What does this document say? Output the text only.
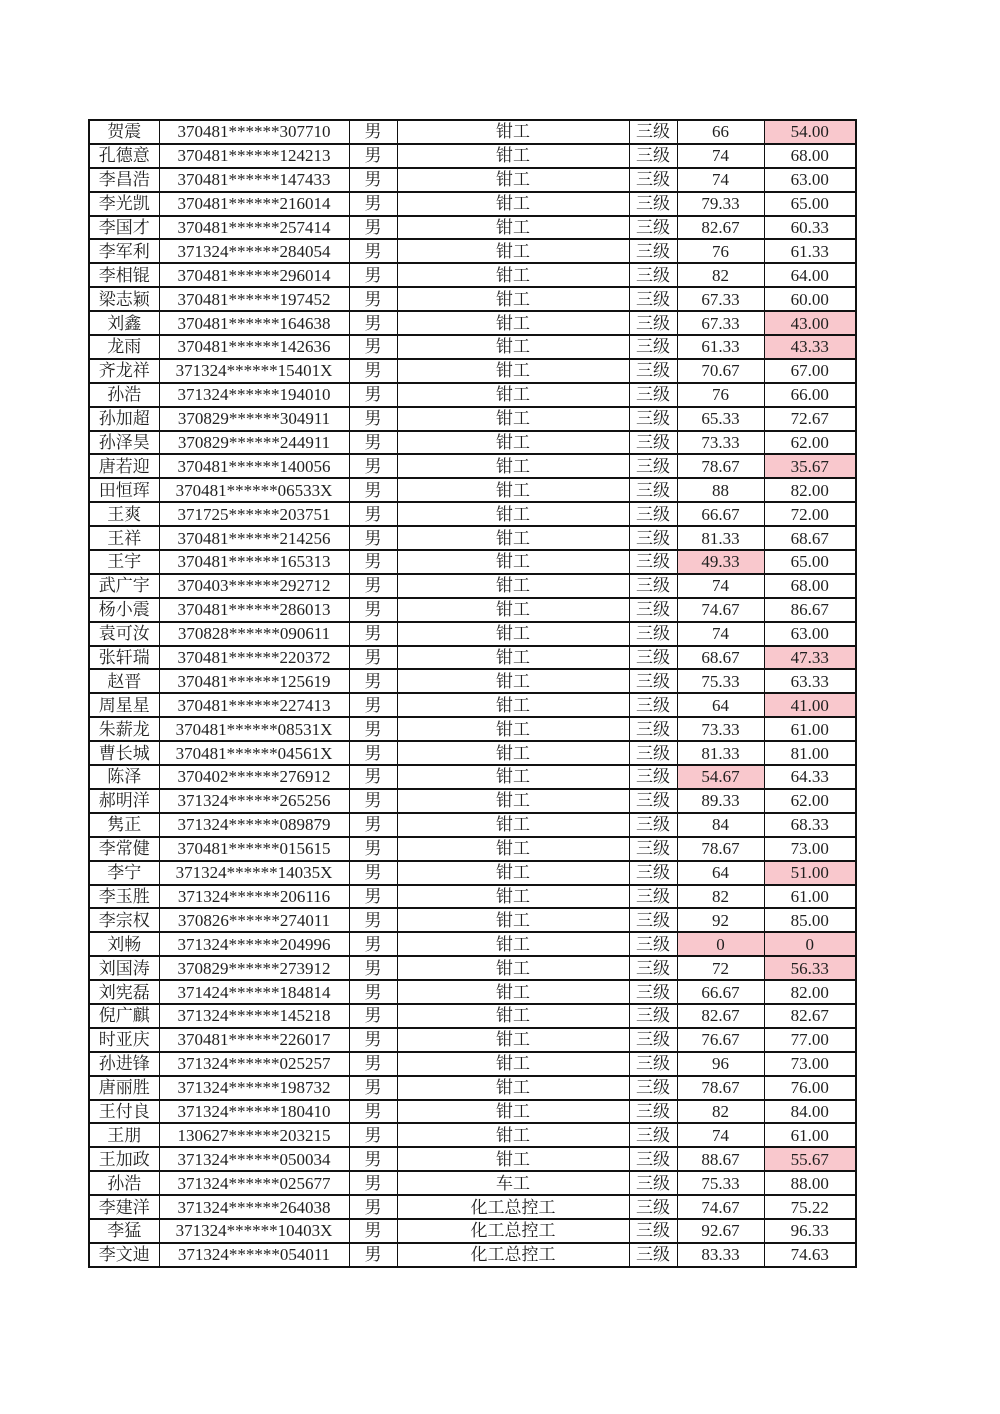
贺震	370481******307710	男	钳工	三级	66	54.00
孔德意	370481******124213	男	钳工	三级	74	68.00
李昌浩	370481******147433	男	钳工	三级	74	63.00
李光凯	370481******216014	男	钳工	三级	79.33	65.00
李国才	370481******257414	男	钳工	三级	82.67	60.33
李军利	371324******284054	男	钳工	三级	76	61.33
李相锟	370481******296014	男	钳工	三级	82	64.00
梁志颖	370481******197452	男	钳工	三级	67.33	60.00
刘鑫	370481******164638	男	钳工	三级	67.33	43.00
龙雨	370481******142636	男	钳工	三级	61.33	43.33
齐龙祥	371324******15401X	男	钳工	三级	70.67	67.00
孙浩	371324******194010	男	钳工	三级	76	66.00
孙加超	370829******304911	男	钳工	三级	65.33	72.67
孙泽昊	370829******244911	男	钳工	三级	73.33	62.00
唐若迎	370481******140056	男	钳工	三级	78.67	35.67
田恒珲	370481******06533X	男	钳工	三级	88	82.00
王爽	371725******203751	男	钳工	三级	66.67	72.00
王祥	370481******214256	男	钳工	三级	81.33	68.67
王宇	370481******165313	男	钳工	三级	49.33	65.00
武广宇	370403******292712	男	钳工	三级	74	68.00
杨小震	370481******286013	男	钳工	三级	74.67	86.67
袁可汝	370828******090611	男	钳工	三级	74	63.00
张轩瑞	370481******220372	男	钳工	三级	68.67	47.33
赵晋	370481******125619	男	钳工	三级	75.33	63.33
周星星	370481******227413	男	钳工	三级	64	41.00
朱薪龙	370481******08531X	男	钳工	三级	73.33	61.00
曹长城	370481******04561X	男	钳工	三级	81.33	81.00
陈泽	370402******276912	男	钳工	三级	54.67	64.33
郝明洋	371324******265256	男	钳工	三级	89.33	62.00
隽正	371324******089879	男	钳工	三级	84	68.33
李常健	370481******015615	男	钳工	三级	78.67	73.00
李宁	371324******14035X	男	钳工	三级	64	51.00
李玉胜	371324******206116	男	钳工	三级	82	61.00
李宗权	370826******274011	男	钳工	三级	92	85.00
刘畅	371324******204996	男	钳工	三级	0	0
刘国涛	370829******273912	男	钳工	三级	72	56.33
刘宪磊	371424******184814	男	钳工	三级	66.67	82.00
倪广麒	371324******145218	男	钳工	三级	82.67	82.67
时亚庆	370481******226017	男	钳工	三级	76.67	77.00
孙进锋	371324******025257	男	钳工	三级	96	73.00
唐丽胜	371324******198732	男	钳工	三级	78.67	76.00
王付良	371324******180410	男	钳工	三级	82	84.00
王朋	130627******203215	男	钳工	三级	74	61.00
王加政	371324******050034	男	钳工	三级	88.67	55.67
孙浩	371324******025677	男	车工	三级	75.33	88.00
李建洋	371324******264038	男	化工总控工	三级	74.67	75.22
李猛	371324******10403X	男	化工总控工	三级	92.67	96.33
李文迪	371324******054011	男	化工总控工	三级	83.33	74.63
